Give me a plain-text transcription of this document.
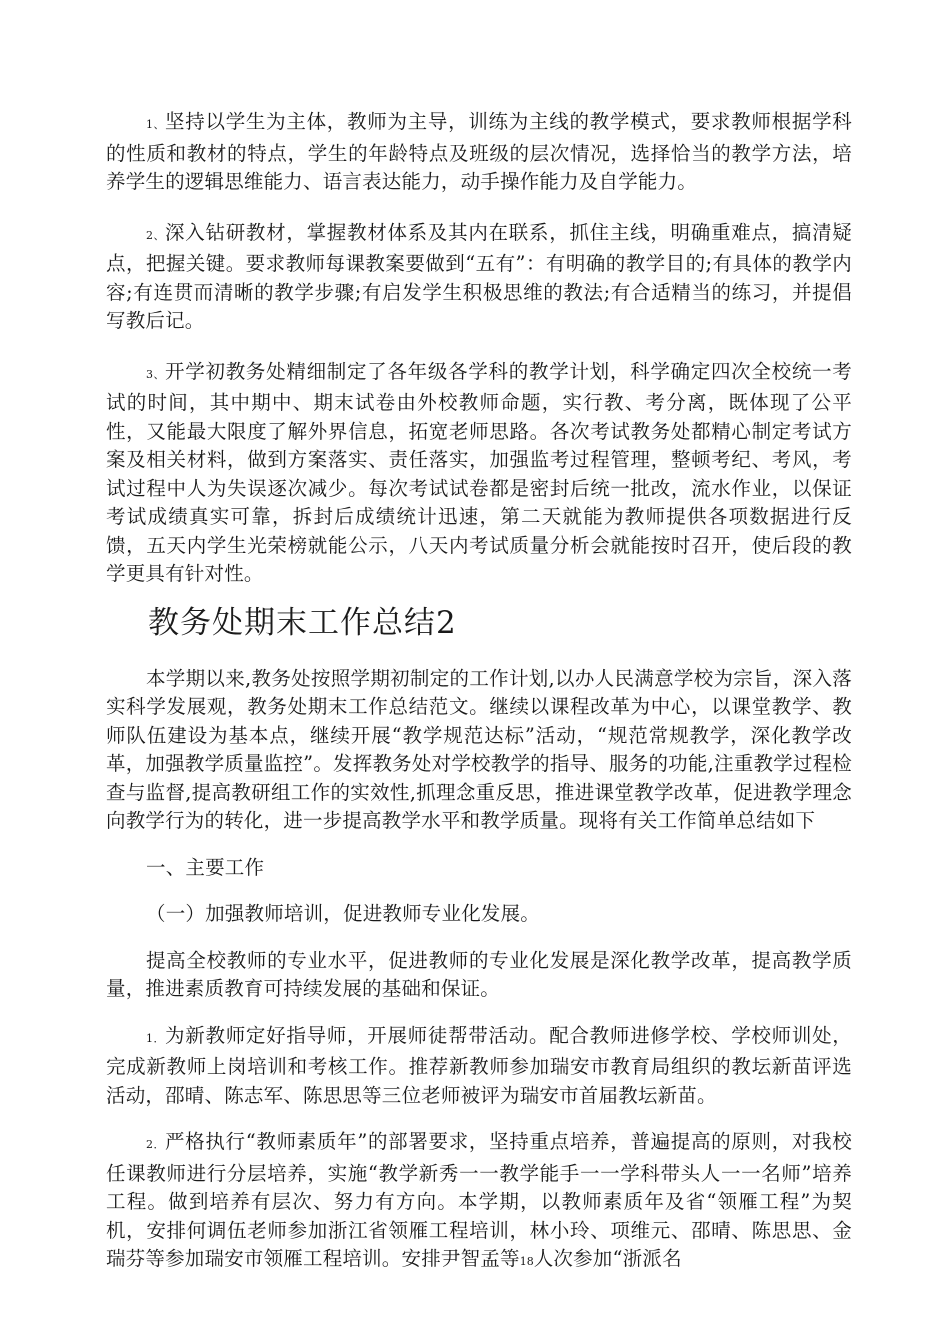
1、坚持以学生为主体，教师为主导，训练为主线的教学模式，要求教师根据学科的性质和教材的特点，学生的年龄特点及班级的层次情况，选择恰当的教学方法，培养学生的逻辑思维能力、语言表达能力，动手操作能力及自学能力。

2、深入钻研教材，掌握教材体系及其内在联系，抓住主线，明确重难点，搞清疑点，把握关键。要求教师每课教案要做到“五有”：有明确的教学目的;有具体的教学内容;有连贯而清晰的教学步骤;有启发学生积极思维的教法;有合适精当的练习，并提倡写教后记。

3、开学初教务处精细制定了各年级各学科的教学计划，科学确定四次全校统一考试的时间，其中期中、期末试卷由外校教师命题，实行教、考分离，既体现了公平性，又能最大限度了解外界信息，拓宽老师思路。各次考试教务处都精心制定考试方案及相关材料，做到方案落实、责任落实，加强监考过程管理，整顿考纪、考风，考试过程中人为失误逐次减少。每次考试试卷都是密封后统一批改，流水作业，以保证考试成绩真实可靠，拆封后成绩统计迅速，第二天就能为教师提供各项数据进行反馈，五天内学生光荣榜就能公示，八天内考试质量分析会就能按时召开，使后段的教学更具有针对性。

教务处期末工作总结2

本学期以来,教务处按照学期初制定的工作计划,以办人民满意学校为宗旨，深入落实科学发展观，教务处期末工作总结范文。继续以课程改革为中心，以课堂教学、教师队伍建设为基本点，继续开展“教学规范达标”活动，“规范常规教学，深化教学改革，加强教学质量监控”。发挥教务处对学校教学的指导、服务的功能,注重教学过程检查与监督,提高教研组工作的实效性,抓理念重反思，推进课堂教学改革，促进教学理念向教学行为的转化，进一步提高教学水平和教学质量。现将有关工作简单总结如下

一、主要工作

（一）加强教师培训，促进教师专业化发展。

提高全校教师的专业水平，促进教师的专业化发展是深化教学改革，提高教学质量，推进素质教育可持续发展的基础和保证。

1．为新教师定好指导师，开展师徒帮带活动。配合教师进修学校、学校师训处，完成新教师上岗培训和考核工作。推荐新教师参加瑞安市教育局组织的教坛新苗评选活动，邵晴、陈志军、陈思思等三位老师被评为瑞安市首届教坛新苗。

2．严格执行“教师素质年”的部署要求，坚持重点培养，普遍提高的原则，对我校任课教师进行分层培养，实施“教学新秀一一教学能手一一学科带头人一一名师”培养工程。做到培养有层次、努力有方向。本学期，以教师素质年及省“领雁工程”为契机，安排何调伍老师参加浙江省领雁工程培训，林小玲、项维元、邵晴、陈思思、金瑞芬等参加瑞安市领雁工程培训。安排尹智孟等18人次参加“浙派名
